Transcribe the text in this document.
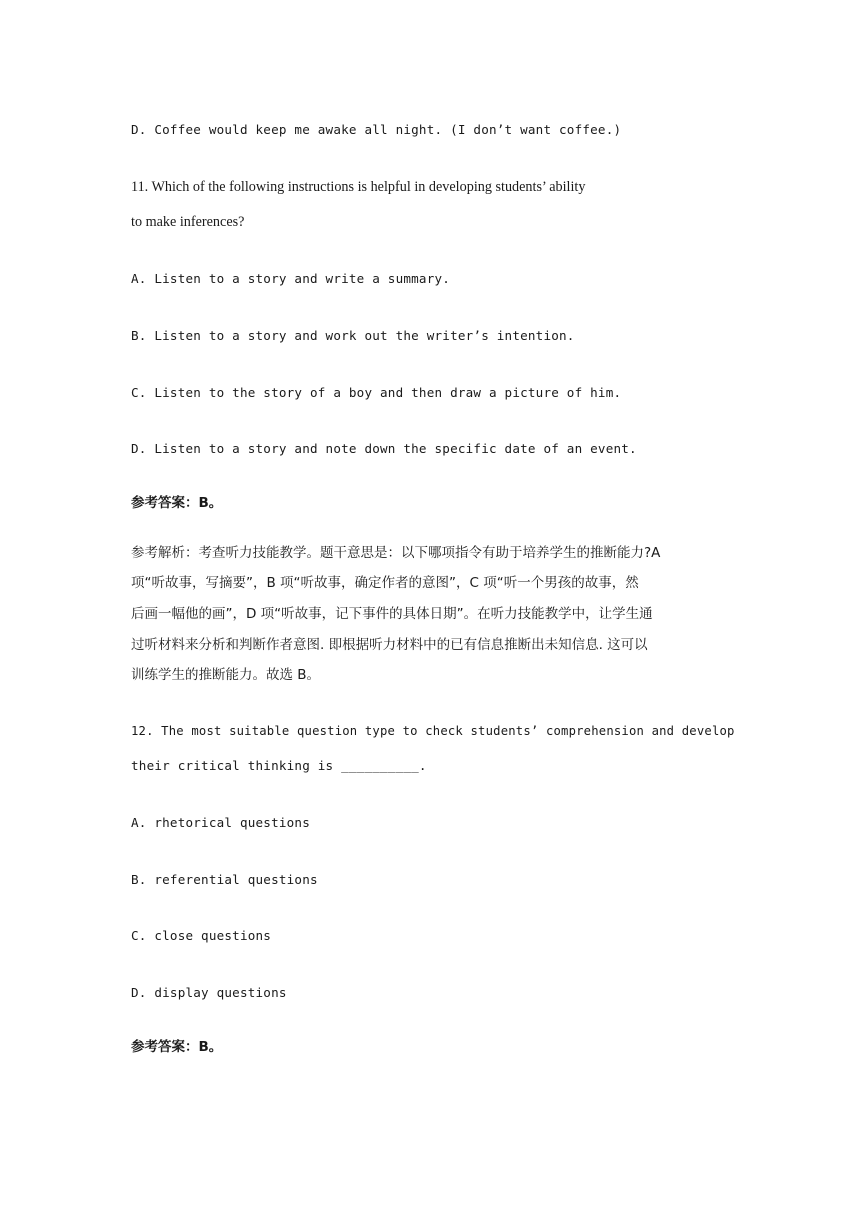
D. Coffee would keep me awake all night. (I don’t want coffee.)
11. Which of the following instructions is helpful in developing students’ ability
to make inferences?
A. Listen to a story and write a summary.
B. Listen to a story and work out the writer’s intention.
C. Listen to the story of a boy and then draw a picture of him.
D. Listen to a story and note down the specific date of an event.
参考答案：B。
参考解析：考查听力技能教学。题干意思是：以下哪项指令有助于培养学生的推断能力?A
项“听故事，写摘要”，B 项“听故事，确定作者的意图”，C 项“听一个男孩的故事，然
后画一幅他的画”，D 项“听故事，记下事件的具体日期”。在听力技能教学中，让学生通
过听材料来分析和判断作者意图. 即根据听力材料中的已有信息推断出未知信息. 这可以
训练学生的推断能力。故选 B。
12. The most suitable question type to check students’ comprehension and develop
their critical thinking is __________.
A. rhetorical questions
B. referential questions
C. close questions
D. display questions
参考答案：B。
